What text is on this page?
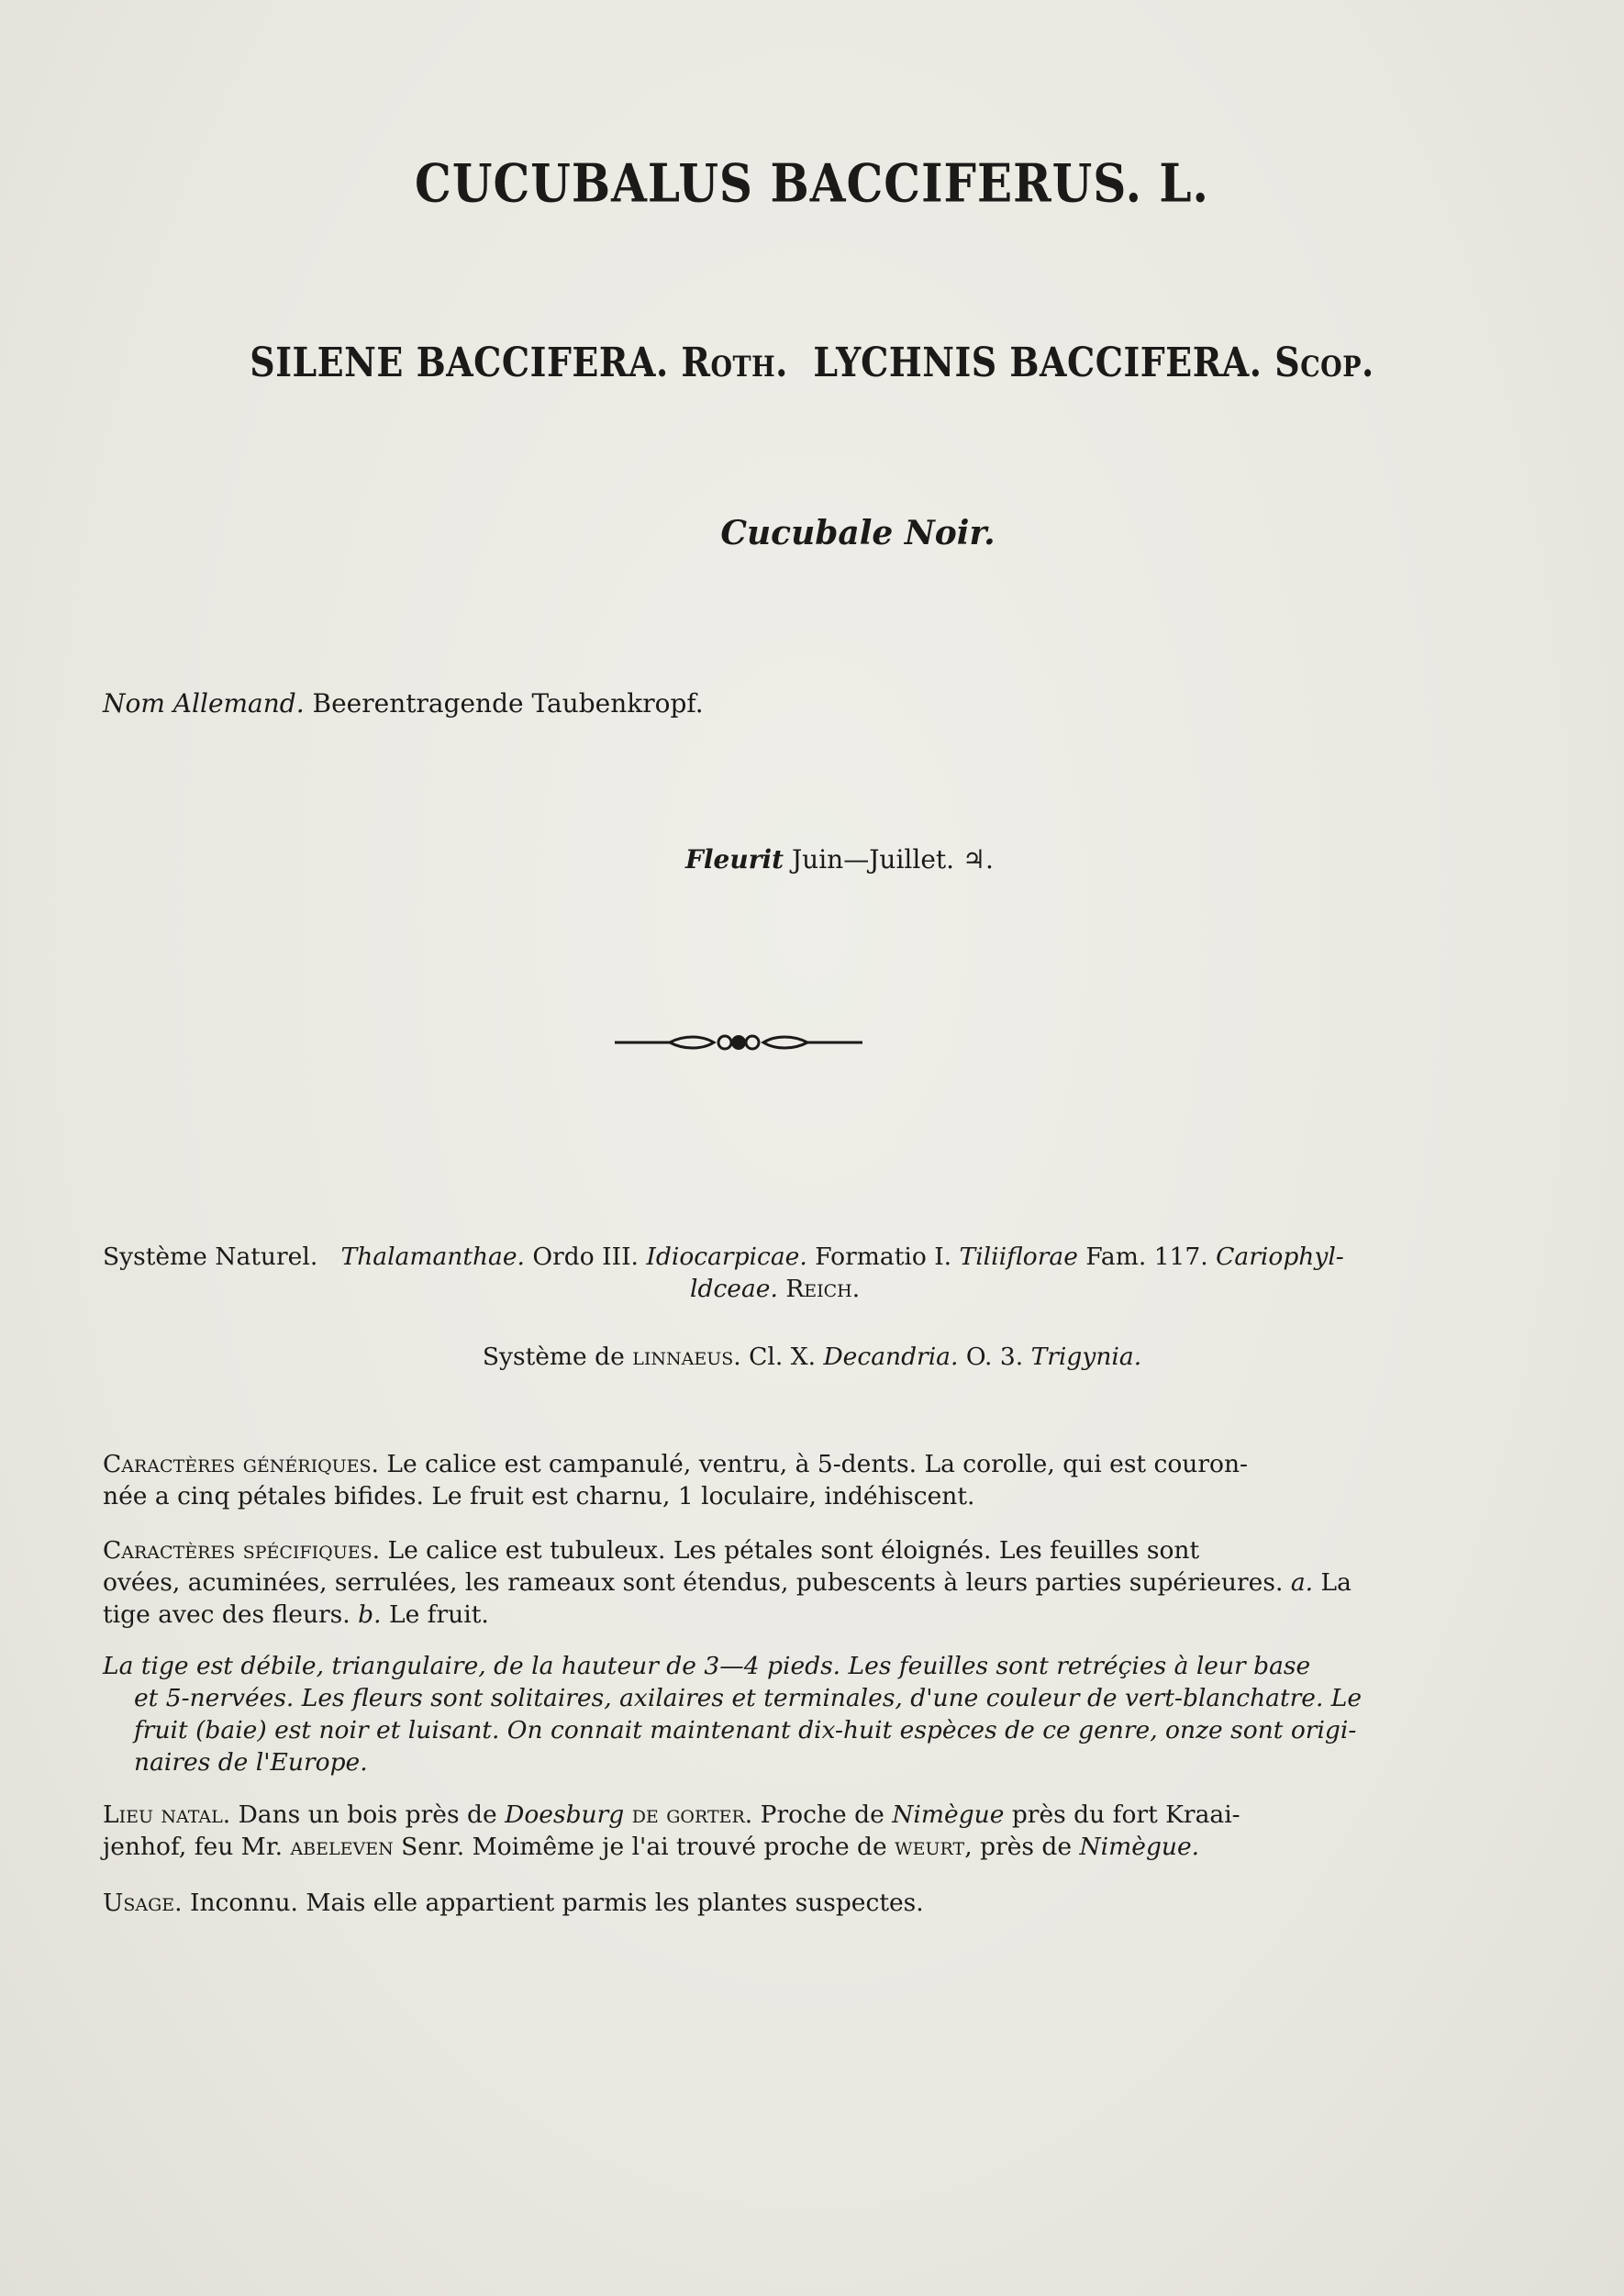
CUCUBALUS BACCIFERUS. L.
SILENE BACCIFERA. Roth. LYCHNIS BACCIFERA. Scop.
Cucubale Noir.
Nom Allemand. Beerentragende Taubenkropf.
Fleurit Juin—Juillet. ♃.
Système Naturel. Thalamanthae. Ordo III. Idiocarpicae. Formatio I. Tiliiflorae Fam. 117. Cariophyl-
ldceae. Reich.
Système de linnaeus. Cl. X. Decandria. O. 3. Trigynia.
Caractères génériques. Le calice est campanulé, ventru, à 5-dents. La corolle, qui est couron-
née a cinq pétales bifides. Le fruit est charnu, 1 loculaire, indéhiscent.
Caractères spécifiques. Le calice est tubuleux. Les pétales sont éloignés. Les feuilles sont
ovées, acuminées, serrulées, les rameaux sont étendus, pubescents à leurs parties supérieures. a. La
tige avec des fleurs. b. Le fruit.
La tige est débile, triangulaire, de la hauteur de 3—4 pieds. Les feuilles sont retréçies à leur base

et 5-nervées. Les fleurs sont solitaires, axilaires et terminales, d'une couleur de vert-blanchatre. Le
fruit (baie) est noir et luisant. On connait maintenant dix-huit espèces de ce genre, onze sont origi-
naires de l'Europe.
Lieu natal. Dans un bois près de Doesburg de gorter. Proche de Nimègue près du fort Kraai-
jenhof, feu Mr. abeleven Senr. Moimême je l'ai trouvé proche de weurt, près de Nimègue.
Usage. Inconnu. Mais elle appartient parmis les plantes suspectes.
